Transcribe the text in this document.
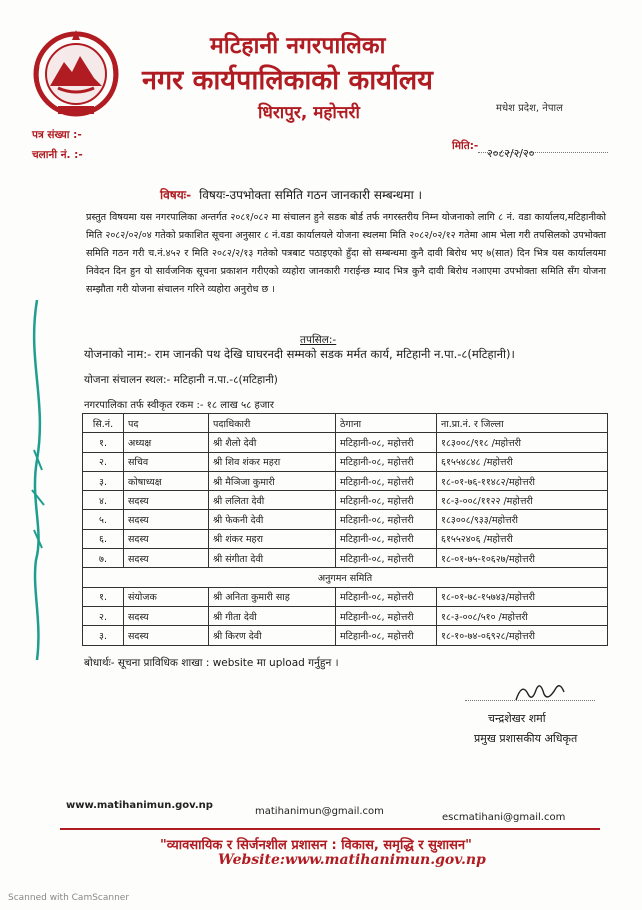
मटिहानी नगरपालिका
नगर कार्यपालिकाको कार्यालय
धिरापुर, महोत्तरी	मधेश प्रदेश, नेपाल
पत्र संख्या :-
चलानी नं. :-
मिति:-
२०८२/२/२०
विषयः- विषयः-उपभोक्ता समिति गठन जानकारी सम्बन्धमा ।
प्रस्तुत विषयमा यस नगरपालिका अन्तर्गत २०८१/०८२ मा संचालन हुने सडक बोर्ड तर्फ नगरस्तरीय निम्न योजनाको लागि ८ नं. वडा कार्यालय,मटिहानीको मिति २०८२/०२/०४ गतेको प्रकाशित सूचना अनुसार ८ नं.वडा कार्यालयले योजना स्थलमा मिति २०८२/०२/१२ गतेमा आम भेला गरी तपसिलको उपभोक्ता समिति गठन गरी च.नं.४५२ र मिति २०८२/२/१३ गतेको पत्रबाट पठाइएको हुँदा सो सम्बन्धमा कुनै दावी बिरोध भए ७(सात) दिन भित्र यस कार्यालयमा निवेदन दिन हुन यो सार्वजनिक सूचना प्रकाशन गरीएको व्यहोरा जानकारी गराईन्छ म्याद भित्र कुनै दावी बिरोध नआएमा उपभोक्ता समिति सँग योजना सम्झौता गरी योजना संचालन गरिने व्यहोरा अनुरोध छ ।
तपसिल:-
योजनाको नाम:- राम जानकी पथ देखि घाघरनदी सम्मको सडक मर्मत कार्य, मटिहानी न.पा.-८(मटिहानी)।
योजना संचालन स्थल:- मटिहानी न.पा.-८(मटिहानी)
नगरपालिका तर्फ स्वीकृत रकम :- १८ लाख ५८ हजार
सि.नं.	पद	पदाधिकारी	ठेगाना	ना.प्रा.नं. र जिल्ला
१.	अध्यक्ष	श्री शैलो देवी	मटिहानी-०८, महोत्तरी	१८३००८/९१८ /महोत्तरी
२.	सचिव	श्री शिव शंकर महरा	मटिहानी-०८, महोत्तरी	६१५५४८४८ /महोत्तरी
३.	कोषाध्यक्ष	श्री मैञिजा कुमारी	मटिहानी-०८, महोत्तरी	१८-०१-७६-११४८२/महोत्तरी
४.	सदस्य	श्री ललिता देवी	मटिहानी-०८, महोत्तरी	१८-३-००८/११२२ /महोत्तरी
५.	सदस्य	श्री फेकनी देवी	मटिहानी-०८, महोत्तरी	१८३००८/९३३/महोत्तरी
६.	सदस्य	श्री शंकर महरा	मटिहानी-०८, महोत्तरी	६१५५२४०६ /महोत्तरी
७.	सदस्य	श्री संगीता देवी	मटिहानी-०८, महोत्तरी	१८-०१-७५-१०६२७/महोत्तरी
अनुगमन समिति				
१.	संयोजक	श्री अनिता कुमारी साह	मटिहानी-०८, महोत्तरी	१८-०१-७८-१५७४३/महोत्तरी
२.	सदस्य	श्री गीता देवी	मटिहानी-०८, महोत्तरी	१८-३-००८/५१० /महोत्तरी
३.	सदस्य	श्री किरण देवी	मटिहानी-०८, महोत्तरी	१८-१०-७४-०६९२८/महोत्तरी
बोधार्थः- सूचना प्राविधिक शाखा : website मा upload गर्नुहुन ।
चन्द्रशेखर शर्मा
प्रमुख प्रशासकीय अधिकृत
www.matihanimun.gov.np
matihanimun@gmail.com
escmatihani@gmail.com
"व्यावसायिक र सिर्जनशील प्रशासन : विकास, समृद्धि र सुशासन"
Website:www.matihanimun.gov.np
Scanned with CamScanner
